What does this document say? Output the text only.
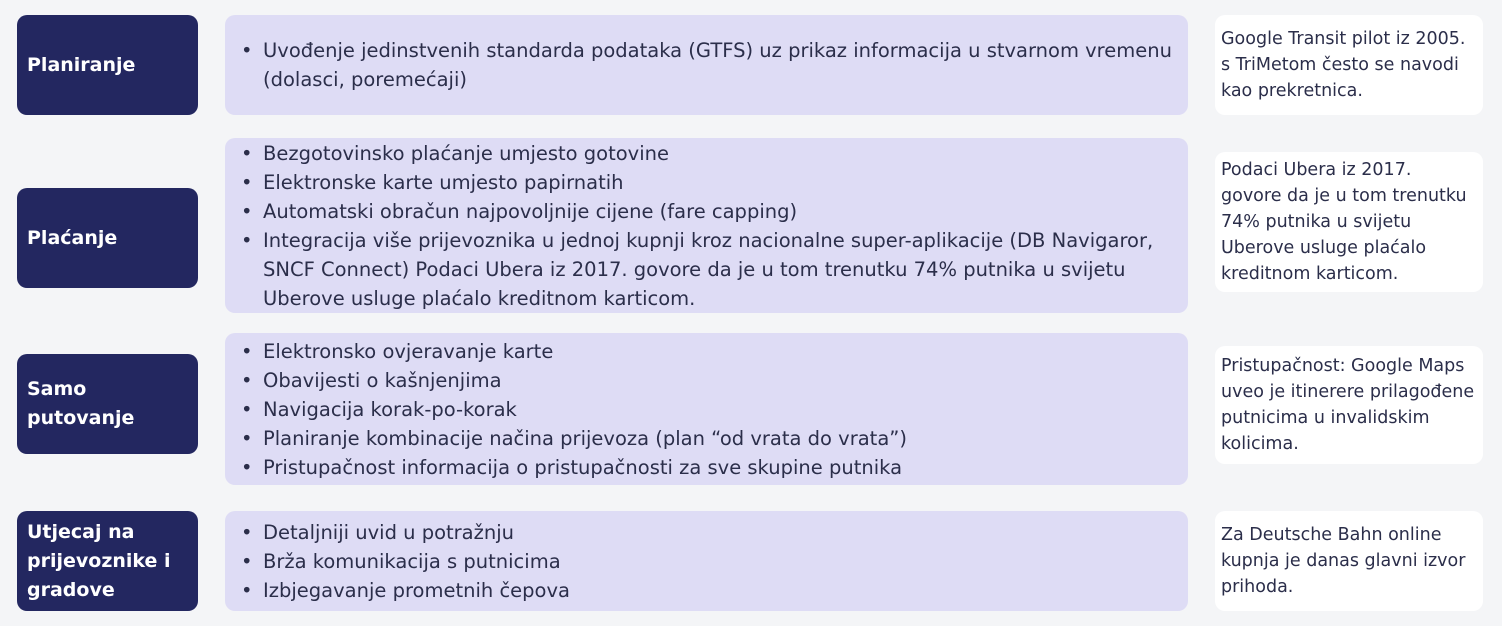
Planiranje
• Uvođenje jedinstvenih standarda podataka (GTFS) uz prikaz informacija u stvarnom vremenu (dolasci, poremećaji)
Google Transit pilot iz 2005. s TriMetom često se navodi kao prekretnica.
Plaćanje
• Bezgotovinsko plaćanje umjesto gotovine
• Elektronske karte umjesto papirnatih
• Automatski obračun najpovoljnije cijene (fare capping)
• Integracija više prijevoznika u jednoj kupnji kroz nacionalne super-aplikacije (DB Navigaror, SNCF Connect) Podaci Ubera iz 2017. govore da je u tom trenutku 74% putnika u svijetu Uberove usluge plaćalo kreditnom karticom.
Podaci Ubera iz 2017. govore da je u tom trenutku 74% putnika u svijetu Uberove usluge plaćalo kreditnom karticom.
Samo putovanje
• Elektronsko ovjeravanje karte
• Obavijesti o kašnjenjima
• Navigacija korak-po-korak
• Planiranje kombinacije načina prijevoza (plan “od vrata do vrata”)
• Pristupačnost informacija o pristupačnosti za sve skupine putnika
Pristupačnost: Google Maps uveo je itinerere prilagođene putnicima u invalidskim kolicima.
Utjecaj na prijevoznike i gradove
• Detaljniji uvid u potražnju
• Brža komunikacija s putnicima
• Izbjegavanje prometnih čepova
Za Deutsche Bahn online kupnja je danas glavni izvor prihoda.
